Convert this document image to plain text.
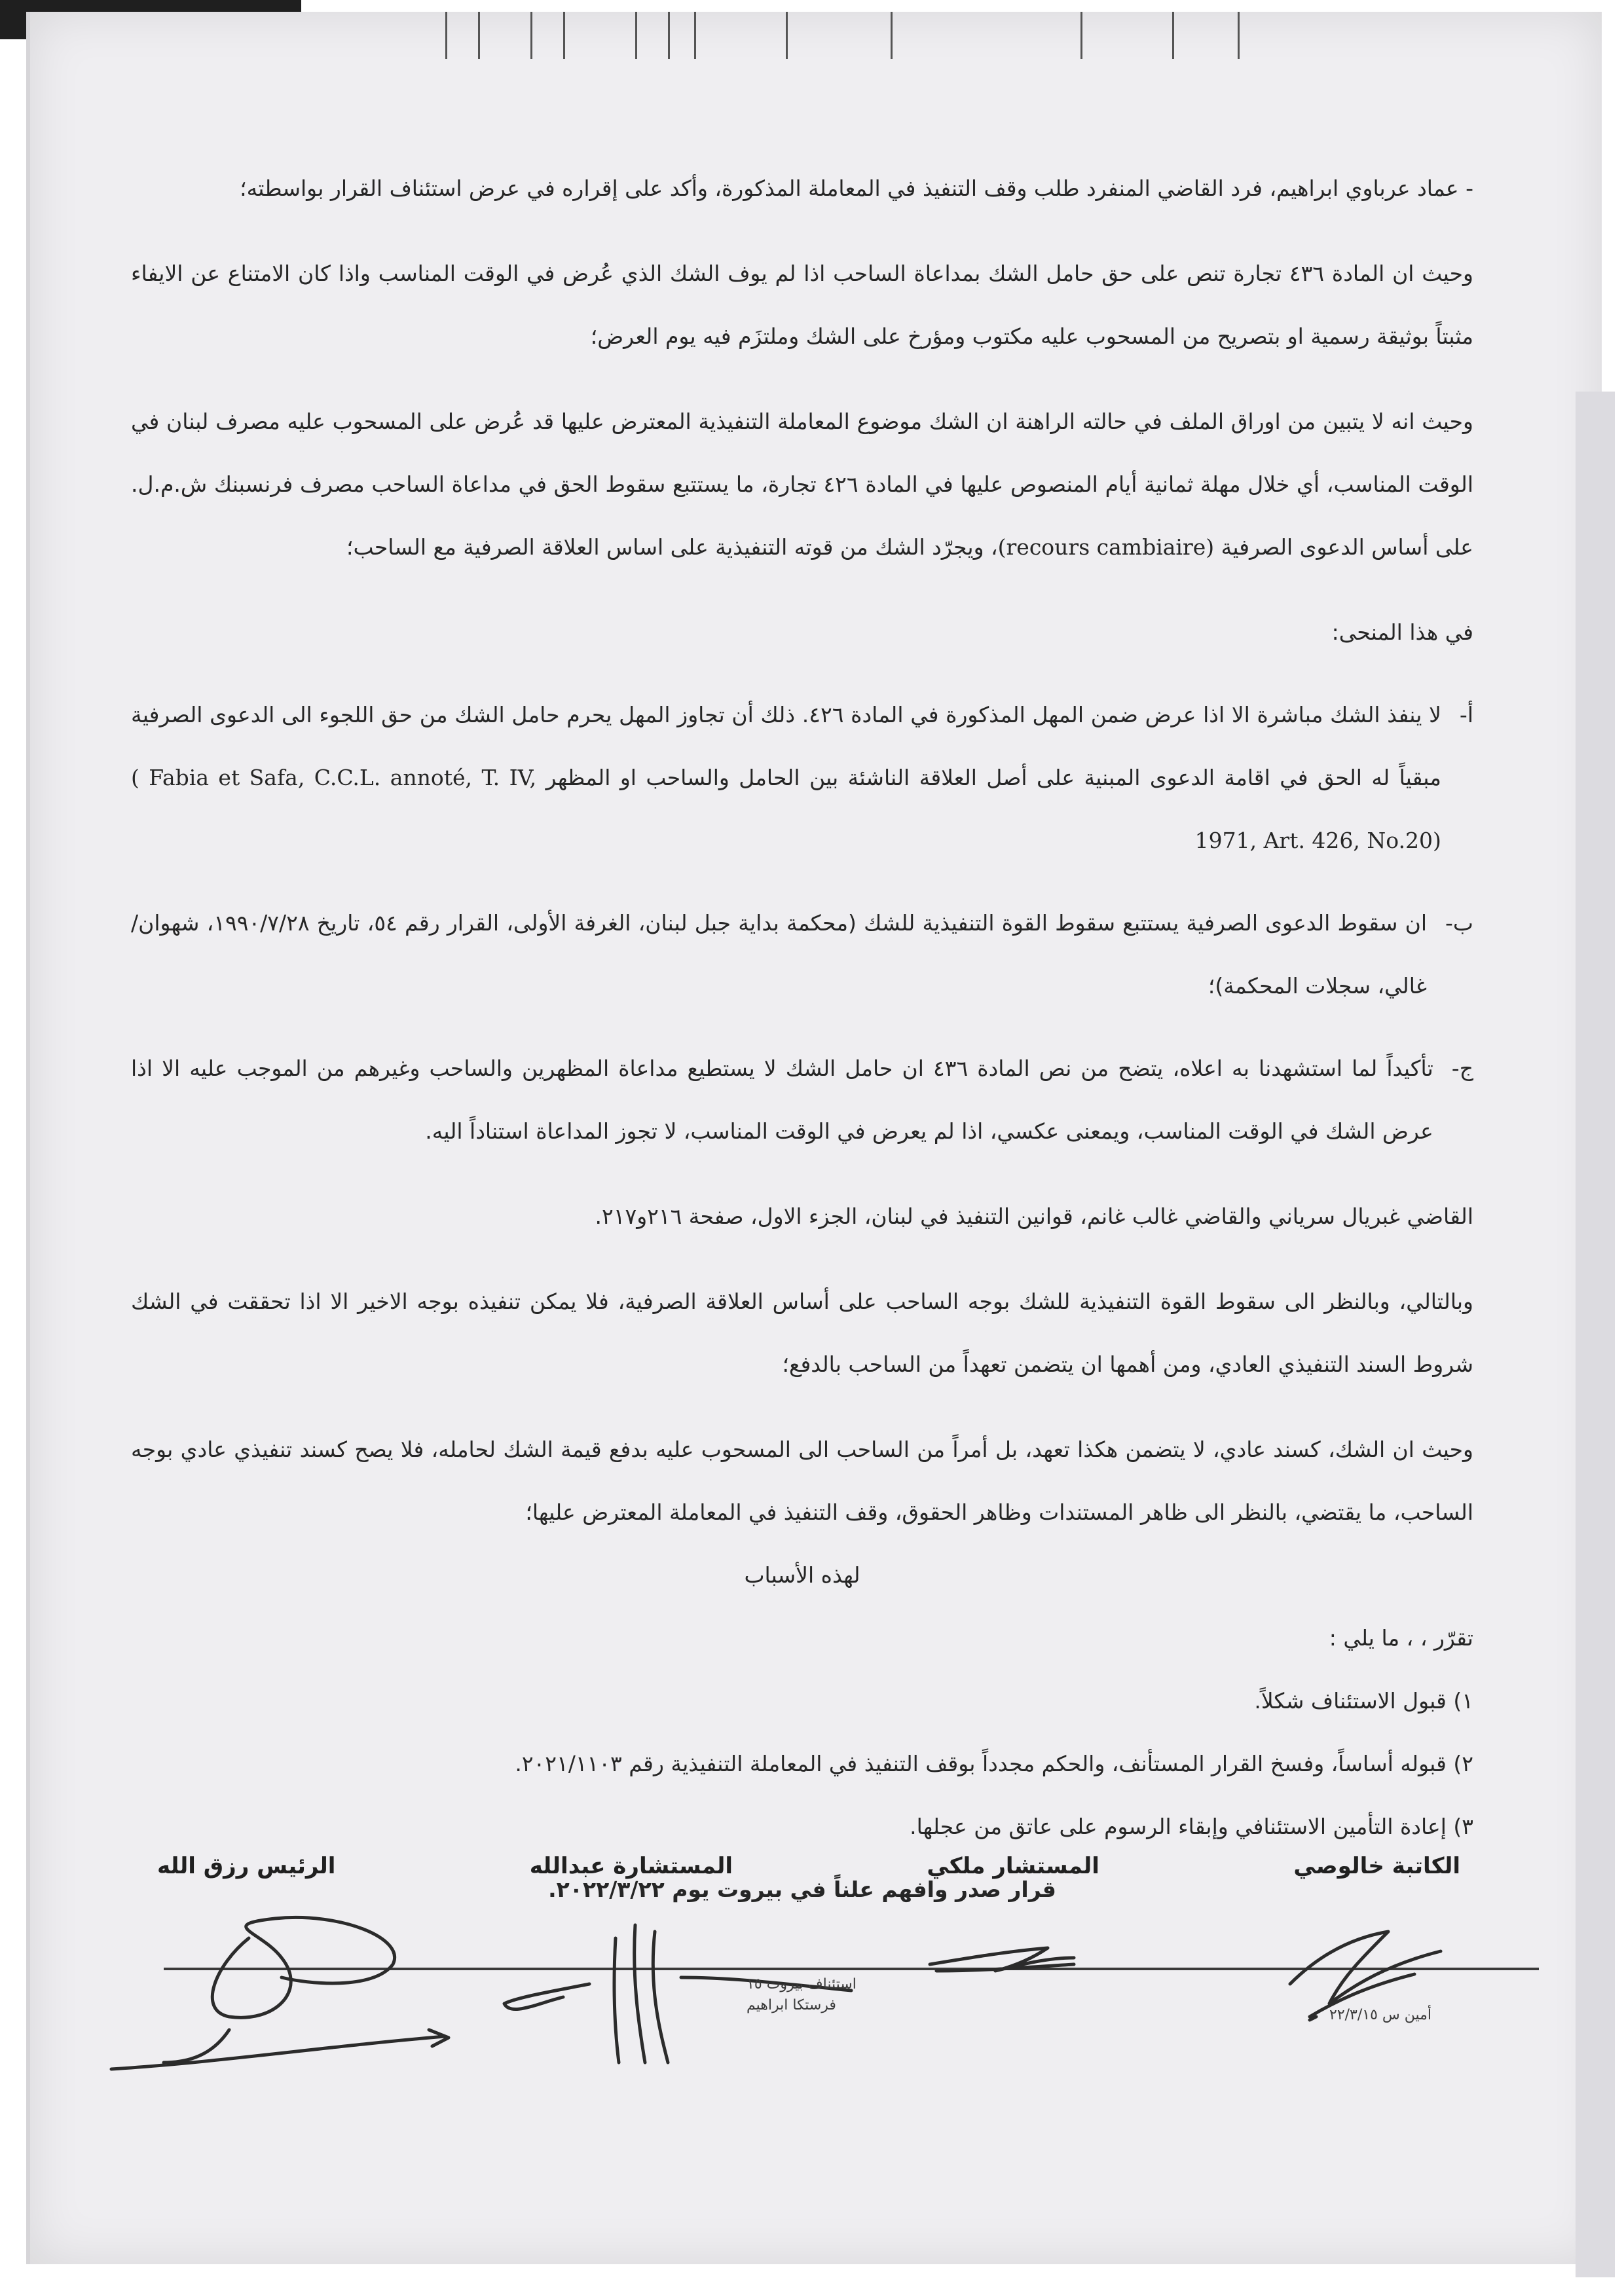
- عماد عرباوي ابراهيم، فرد القاضي المنفرد طلب وقف التنفيذ في المعاملة المذكورة، وأكد على إقراره في عرض استئناف القرار بواسطته؛

وحيث ان المادة ٤٣٦ تجارة تنص على حق حامل الشك بمداعاة الساحب اذا لم يوف الشك الذي عُرض في الوقت المناسب واذا كان الامتناع عن الايفاء مثبتاً بوثيقة رسمية او بتصريح من المسحوب عليه مكتوب ومؤرخ على الشك وملتزَم فيه يوم العرض؛

وحيث انه لا يتبين من اوراق الملف في حالته الراهنة ان الشك موضوع المعاملة التنفيذية المعترض عليها قد عُرض على المسحوب عليه مصرف لبنان في الوقت المناسب، أي خلال مهلة ثمانية أيام المنصوص عليها في المادة ٤٢٦ تجارة، ما يستتبع سقوط الحق في مداعاة الساحب مصرف فرنسبنك ش.م.ل. على أساس الدعوى الصرفية (recours cambiaire)، ويجرّد الشك من قوته التنفيذية على اساس العلاقة الصرفية مع الساحب؛

في هذا المنحى:

أ-
لا ينفذ الشك مباشرة الا اذا عرض ضمن المهل المذكورة في المادة ٤٢٦. ذلك أن تجاوز المهل يحرم حامل الشك من حق اللجوء الى الدعوى الصرفية مبقياً له الحق في اقامة الدعوى المبنية على أصل العلاقة الناشئة بين الحامل والساحب او المظهر ( Fabia et Safa, C.C.L. annoté, T. IV, 1971, Art. 426, No.20)
ب-
ان سقوط الدعوى الصرفية يستتبع سقوط القوة التنفيذية للشك (محكمة بداية جبل لبنان، الغرفة الأولى، القرار رقم ٥٤، تاريخ ١٩٩٠/٧/٢٨، شهوان/غالي، سجلات المحكمة)؛
ج-
تأكيداً لما استشهدنا به اعلاه، يتضح من نص المادة ٤٣٦ ان حامل الشك لا يستطيع مداعاة المظهرين والساحب وغيرهم من الموجب عليه الا اذا عرض الشك في الوقت المناسب، ويمعنى عكسي، اذا لم يعرض في الوقت المناسب، لا تجوز المداعاة استناداً اليه.

القاضي غبريال سرياني والقاضي غالب غانم، قوانين التنفيذ في لبنان، الجزء الاول، صفحة ٢١٦و٢١٧.

وبالتالي، وبالنظر الى سقوط القوة التنفيذية للشك بوجه الساحب على أساس العلاقة الصرفية، فلا يمكن تنفيذه بوجه الاخير الا اذا تحققت في الشك شروط السند التنفيذي العادي، ومن أهمها ان يتضمن تعهداً من الساحب بالدفع؛

وحيث ان الشك، كسند عادي، لا يتضمن هكذا تعهد، بل أمراً من الساحب الى المسحوب عليه بدفع قيمة الشك لحامله، فلا يصح كسند تنفيذي عادي بوجه الساحب، ما يقتضي، بالنظر الى ظاهر المستندات وظاهر الحقوق، وقف التنفيذ في المعاملة المعترض عليها؛

لهذه الأسباب

تقرّر ، ، ما يلي :

١) قبول الاستئناف شكلاً.

٢) قبوله أساساً، وفسخ القرار المستأنف، والحكم مجدداً بوقف التنفيذ في المعاملة التنفيذية رقم ٢٠٢١/١١٠٣.

٣) إعادة التأمين الاستئنافي وإبقاء الرسوم على عاتق من عجلها.

قرار صدر وافهم علناً في بيروت يوم ٢٠٢٢/٣/٢٢.

الكاتبة خالوصي
المستشار ملكي
المستشارة عبدالله
الرئيس رزق الله
استئناف بيروت ١٥
فرستكا ابراهيم
أمين س ٢٢/٣/١٥
